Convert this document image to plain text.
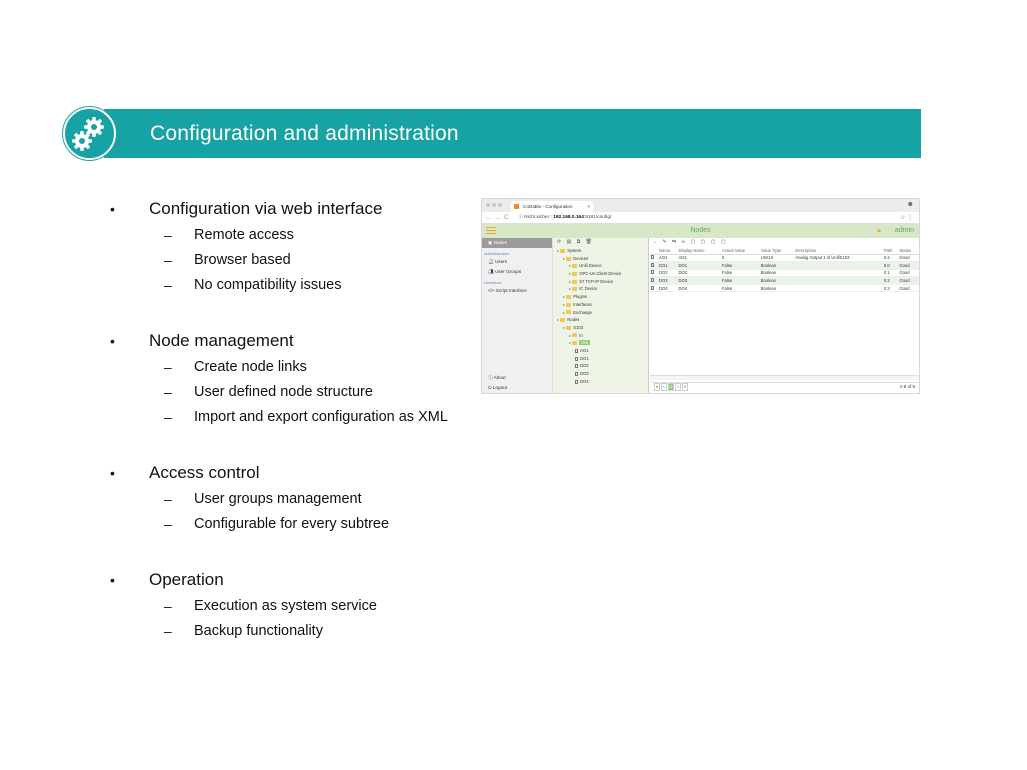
Configuration and administration
•	Configuration via web interface
–	Remote access
–	Browser based
–	No compatibility issues
•	Node management
–	Create node links
–	User defined node structure
–	Import and export configuration as XML
•	Access control
–	User groups management
–	Configurable for every subtree
•	Operation
–	Execution as system service
–	Backup functionality
CoDaBix - Configuration	×	☻
←→C ⓘ Nicht sicher : 192.168.0.164:8181/config/	☆ ⋮
Nodes	🔒︎ admin
▣ Nodes
Administration
👤︎ Users
👥︎ User Groups
Interfaces
</> Script Interface
ⓘ About
⏻ Logout
⟳ ▤ ⧉ 🗑︎
▸ System
▸ Devices
▸ Unifi Device
▸ OPC-UA Client Device
▸ S7 TCP-IP Device
▸ IC Device
▸ Plugins
▸ Interfaces
▸ Exchange
▸ Nodes
▸ S103
▸ In
▸ Out
AO1
DO1
DO2
DO3
DO4
→ ✎ ⇆ ∞ ▢ ▢ ▢ ▢
	Name	Display Name	Actual Value	Value Type	Description	Path	Status
	AO1	AO1	0	UInt16	Analog Output 1 of UnifiS103	0.2	Good
	DO1	DO1	False	Boolean		0.0	Good
	DO2	DO2	False	Boolean		0.1	Good
	DO3	DO3	False	Boolean		0.2	Good
	DO4	DO4	False	Boolean		0.3	Good
« ‹ 1 › »	1-5 of 5
